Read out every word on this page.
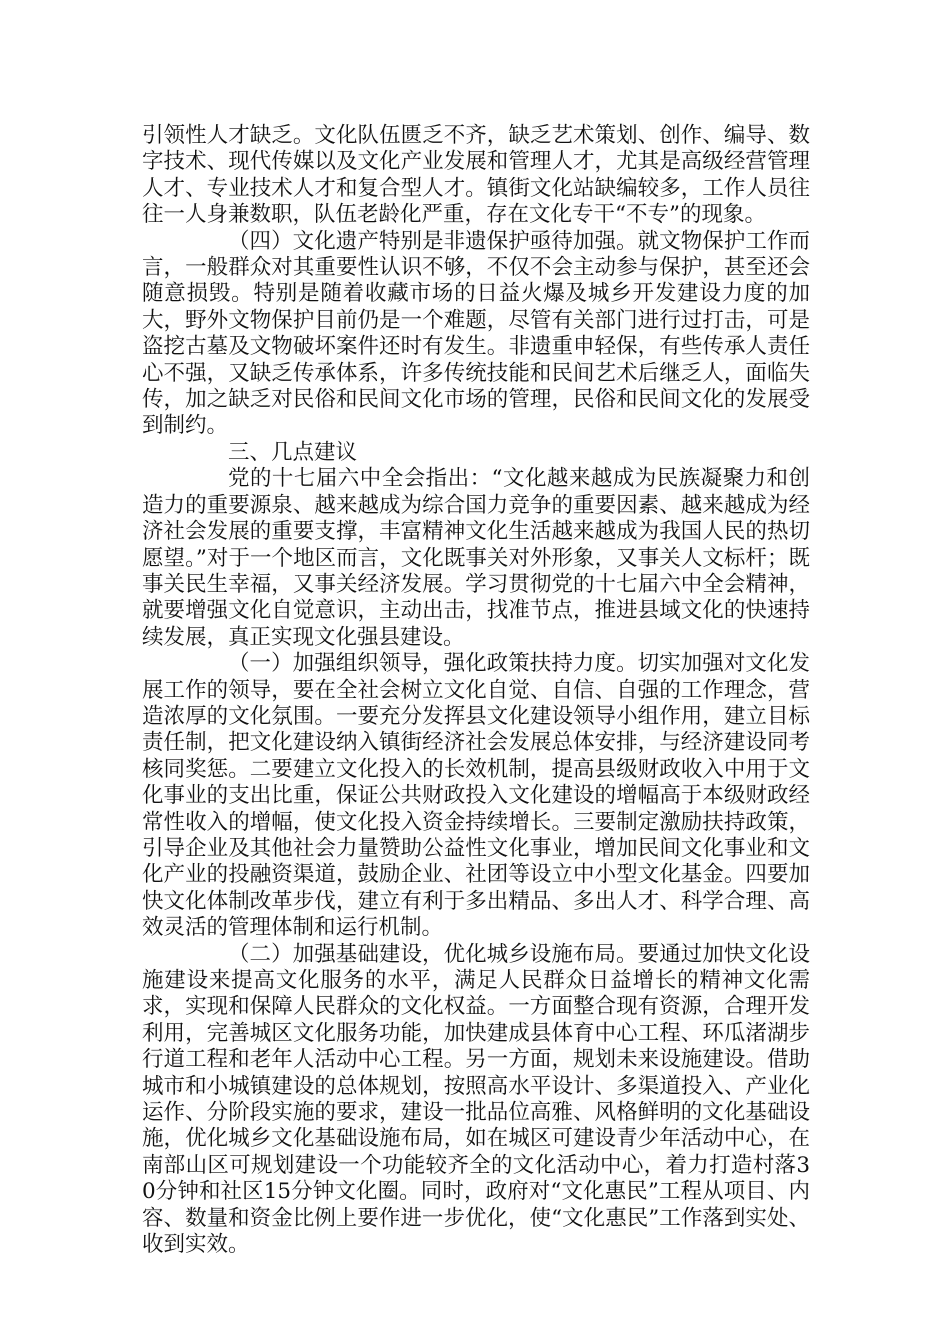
引领性人才缺乏。文化队伍匮乏不齐，缺乏艺术策划、创作、编导、数字技术、现代传媒以及文化产业发展和管理人才，尤其是高级经营管理人才、专业技术人才和复合型人才。镇街文化站缺编较多，工作人员往往一人身兼数职，队伍老龄化严重，存在文化专干“不专”的现象。

（四）文化遗产特别是非遗保护亟待加强。就文物保护工作而言，一般群众对其重要性认识不够，不仅不会主动参与保护，甚至还会随意损毁。特别是随着收藏市场的日益火爆及城乡开发建设力度的加大，野外文物保护目前仍是一个难题，尽管有关部门进行过打击，可是盗挖古墓及文物破坏案件还时有发生。非遗重申轻保，有些传承人责任心不强，又缺乏传承体系，许多传统技能和民间艺术后继乏人，面临失传，加之缺乏对民俗和民间文化市场的管理，民俗和民间文化的发展受到制约。

三、几点建议

党的十七届六中全会指出：“文化越来越成为民族凝聚力和创造力的重要源泉、越来越成为综合国力竞争的重要因素、越来越成为经济社会发展的重要支撑，丰富精神文化生活越来越成为我国人民的热切愿望。”对于一个地区而言，文化既事关对外形象，又事关人文标杆；既事关民生幸福，又事关经济发展。学习贯彻党的十七届六中全会精神，就要增强文化自觉意识，主动出击，找准节点，推进县域文化的快速持续发展，真正实现文化强县建设。

（一）加强组织领导，强化政策扶持力度。切实加强对文化发展工作的领导，要在全社会树立文化自觉、自信、自强的工作理念，营造浓厚的文化氛围。一要充分发挥县文化建设领导小组作用，建立目标责任制，把文化建设纳入镇街经济社会发展总体安排，与经济建设同考核同奖惩。二要建立文化投入的长效机制，提高县级财政收入中用于文化事业的支出比重，保证公共财政投入文化建设的增幅高于本级财政经常性收入的增幅，使文化投入资金持续增长。三要制定激励扶持政策，引导企业及其他社会力量赞助公益性文化事业，增加民间文化事业和文化产业的投融资渠道，鼓励企业、社团等设立中小型文化基金。四要加快文化体制改革步伐，建立有利于多出精品、多出人才、科学合理、高效灵活的管理体制和运行机制。

（二）加强基础建设，优化城乡设施布局。要通过加快文化设施建设来提高文化服务的水平，满足人民群众日益增长的精神文化需求，实现和保障人民群众的文化权益。一方面整合现有资源，合理开发利用，完善城区文化服务功能，加快建成县体育中心工程、环瓜渚湖步行道工程和老年人活动中心工程。另一方面，规划未来设施建设。借助城市和小城镇建设的总体规划，按照高水平设计、多渠道投入、产业化运作、分阶段实施的要求，建设一批品位高雅、风格鲜明的文化基础设施，优化城乡文化基础设施布局，如在城区可建设青少年活动中心，在南部山区可规划建设一个功能较齐全的文化活动中心，着力打造村落30分钟和社区15分钟文化圈。同时，政府对“文化惠民”工程从项目、内容、数量和资金比例上要作进一步优化，使“文化惠民”工作落到实处、收到实效。
